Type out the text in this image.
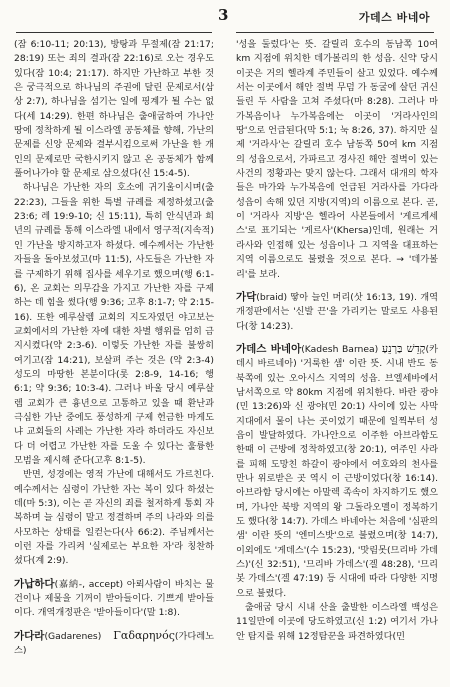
3	가데스 바네아

(잠 6:10-11; 20:13), 방탕과 무절제(잠 21:17; 28:19) 또는 죄의 결과(잠 22:16)로 오는 경우도 있다(잠 10:4; 21:17). 하지만 가난하고 부한 것은 궁극적으로 하나님의 주권에 달린 문제로서(삼상 2:7), 하나님을 섬기는 일에 핑계가 될 수는 없다(세 14:29). 한편 하나님은 출애굽하여 가나안 땅에 정착하게 될 이스라엘 공동체를 향해, 가난의 문제를 신앙 문제와 결부시킴으로써 가난을 한 개인의 문제로만 국한시키지 않고 온 공동체가 함께 풀어나가야 할 문제로 삼으셨다(신 15:4-5).

하나님은 가난한 자의 호소에 귀기울이시며(출 22:23), 그들을 위한 특별 규례를 제정하셨고(출 23:6; 레 19:9-10; 신 15:11), 특히 안식년과 희년의 규례를 통해 이스라엘 내에서 영구적(지속적)인 가난을 방지하고자 하셨다. 예수께서는 가난한 자들을 돌아보셨고(마 11:5), 사도들은 가난한 자를 구제하기 위해 집사를 세우기로 했으며(행 6:1-6), 온 교회는 의무감을 가지고 가난한 자를 구제하는 데 힘을 썼다(행 9:36; 고후 8:1-7; 약 2:15-16). 또한 예루살렘 교회의 지도자였던 야고보는 교회에서의 가난한 자에 대한 차별 행위를 엄히 금지시켰다(약 2:3-6). 이렇듯 가난한 자를 불쌍히 여기고(잠 14:21), 보살펴 주는 것은 (약 2:3-4) 성도의 마땅한 본분이다(롯 2:8-9, 14-16; 행 6:1; 약 9:36; 10:3-4). 그러나 바울 당시 예루살렘 교회가 큰 흉년으로 고통하고 있을 때 환난과 극심한 가난 중에도 풍성하게 구제 헌금한 마게도냐 교회들의 사례는 가난한 자라 하더라도 자신보다 더 어렵고 가난한 자를 도울 수 있다는 훌륭한 모범을 제시해 준다(고후 8:1-5).

반면, 성경에는 영적 가난에 대해서도 가르친다. 예수께서는 심령이 가난한 자는 복이 있다 하셨는데(마 5:3), 이는 곧 자신의 죄를 철저하게 통회 자복하며 늘 심령이 말고 정결하며 주의 나라와 의를 사모하는 상태를 일컫는다(사 66:2). 주님께서는 이런 자를 가리켜 '실제로는 부요한 자'라 칭찬하셨다(계 2:9).

가납하다(嘉納-, accept) 아뢰사람이 바치는 물건이나 제물을 기꺼이 받아들이다. 기쁘게 받아들이다. 개역개정판은 '받아들이다'(말 1:8).

가다라(Gadarenes) Γαδαρηνός(가다레노스)

'성을 둘렀다'는 뜻. 갈릴리 호수의 동남쪽 10여 km 지점에 위치한 데가볼리의 한 성읍. 신약 당시 이곳은 거의 헬라계 주민들이 살고 있었다. 예수께서는 이곳에서 해안 절벽 무덤 가 동굴에 살던 귀신들린 두 사람을 고쳐 주셨다(마 8:28). 그러나 마가복음이나 누가복음에는 이곳이 '거라사인의 땅'으로 언급된다(막 5:1; 눅 8:26, 37). 하지만 실제 '거라사'는 갈릴리 호수 남동쪽 50여 km 지점의 성읍으로서, 가파르고 경사진 해안 절벽이 있는 사건의 정황과는 맞지 않는다. 그래서 대개의 학자들은 마가와 누가복음에 언급된 거라사를 가다라 성읍이 속해 있던 지방(지역)의 이름으로 본다. 곧, 이 '거라사 지방'은 헬라어 사본들에서 '게르게세스'로 표기되는 '게르사'(Khersa)인데, 원래는 거라사와 인접해 있는 성읍이나 그 지역을 대표하는 지역 이름으로도 불렸을 것으로 본다. → '데가볼리'를 보라.

가닥(braid) 땋아 늘인 머리(삿 16:13, 19). 개역개정판에서는 '신발 끈'을 가리키는 말로도 사용된다(창 14:23).

가데스 바네아(Kadesh Barnea) קָדֵשׁ בַּרְנֵעַ(카데시 바르네아) '거룩한 샘' 이란 뜻. 시내 반도 동북쪽에 있는 오아시스 지역의 성읍. 브엘세바에서 남서쪽으로 약 80km 지점에 위치한다. 바란 광야(민 13:26)와 신 광야(민 20:1) 사이에 있는 사막 지대에서 물이 나는 곳이었기 때문에 일찍부터 성읍이 발달하였다. 가나안으로 이주한 아브라함도 한때 이 근방에 정착하였고(창 20:1), 여주인 사라를 피해 도망친 하갈이 광야에서 여호와의 천사를 만나 위로받은 곳 역시 이 근방이었다(창 16:14). 아브라함 당시에는 아말렉 족속이 차지하기도 했으며, 가나안 북방 지역의 왕 그돌라오멜이 정복하기도 했다(창 14:7). 가데스 바네아는 처음에 '심판의 샘' 이란 뜻의 '엔미스밧'으로 불렸으며(창 14:7), 이외에도 '게데스'(수 15:23), '맛림못(므리바 가데스)'(신 32:51), '므리바 가데스'(겔 48:28), '므리봇 가데스'(겔 47:19) 등 시대에 따라 다양한 지명으로 불렸다.

출애굽 당시 시내 산을 출발한 이스라엘 백성은 11일만에 이곳에 당도하였고(신 1:2) 여기서 가나안 탐지를 위해 12정탐꾼을 파견하였다(민
